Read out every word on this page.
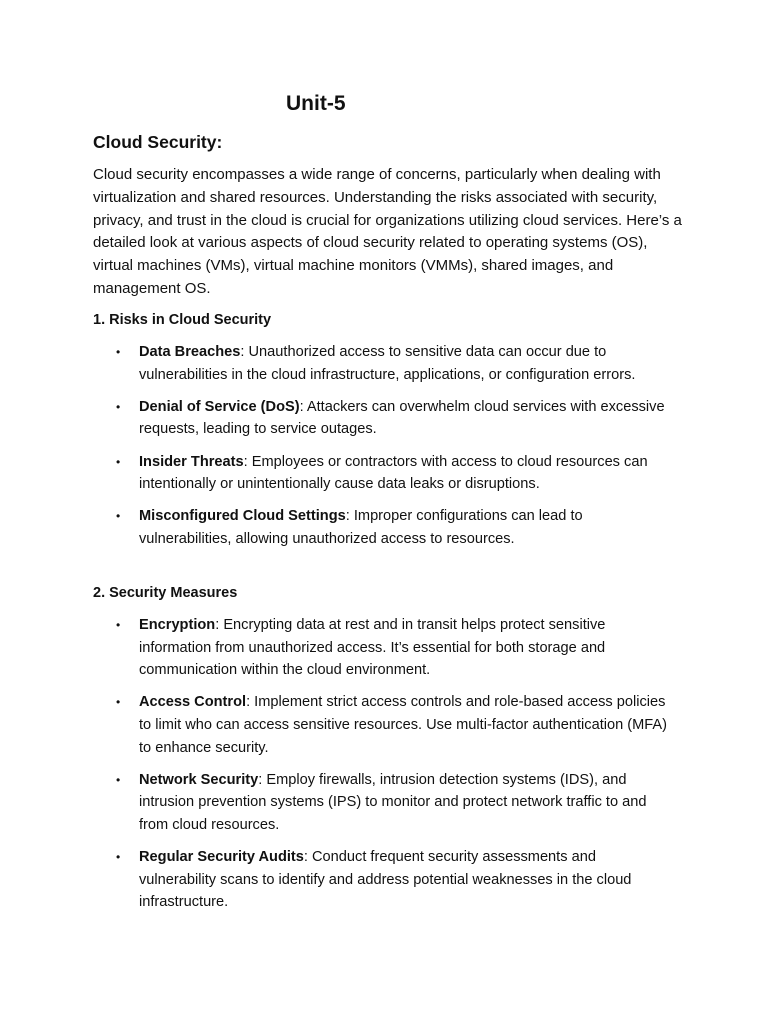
Unit-5
Cloud Security:

Cloud security encompasses a wide range of concerns, particularly when dealing with virtualization and shared resources. Understanding the risks associated with security, privacy, and trust in the cloud is crucial for organizations utilizing cloud services. Here’s a detailed look at various aspects of cloud security related to operating systems (OS), virtual machines (VMs), virtual machine monitors (VMMs), shared images, and management OS.

1. Risks in Cloud Security
• Data Breaches: Unauthorized access to sensitive data can occur due to vulnerabilities in the cloud infrastructure, applications, or configuration errors.
• Denial of Service (DoS): Attackers can overwhelm cloud services with excessive requests, leading to service outages.
• Insider Threats: Employees or contractors with access to cloud resources can intentionally or unintentionally cause data leaks or disruptions.
• Misconfigured Cloud Settings: Improper configurations can lead to vulnerabilities, allowing unauthorized access to resources.
2. Security Measures
• Encryption: Encrypting data at rest and in transit helps protect sensitive information from unauthorized access. It’s essential for both storage and communication within the cloud environment.
• Access Control: Implement strict access controls and role-based access policies to limit who can access sensitive resources. Use multi-factor authentication (MFA) to enhance security.
• Network Security: Employ firewalls, intrusion detection systems (IDS), and intrusion prevention systems (IPS) to monitor and protect network traffic to and from cloud resources.
• Regular Security Audits: Conduct frequent security assessments and vulnerability scans to identify and address potential weaknesses in the cloud infrastructure.
